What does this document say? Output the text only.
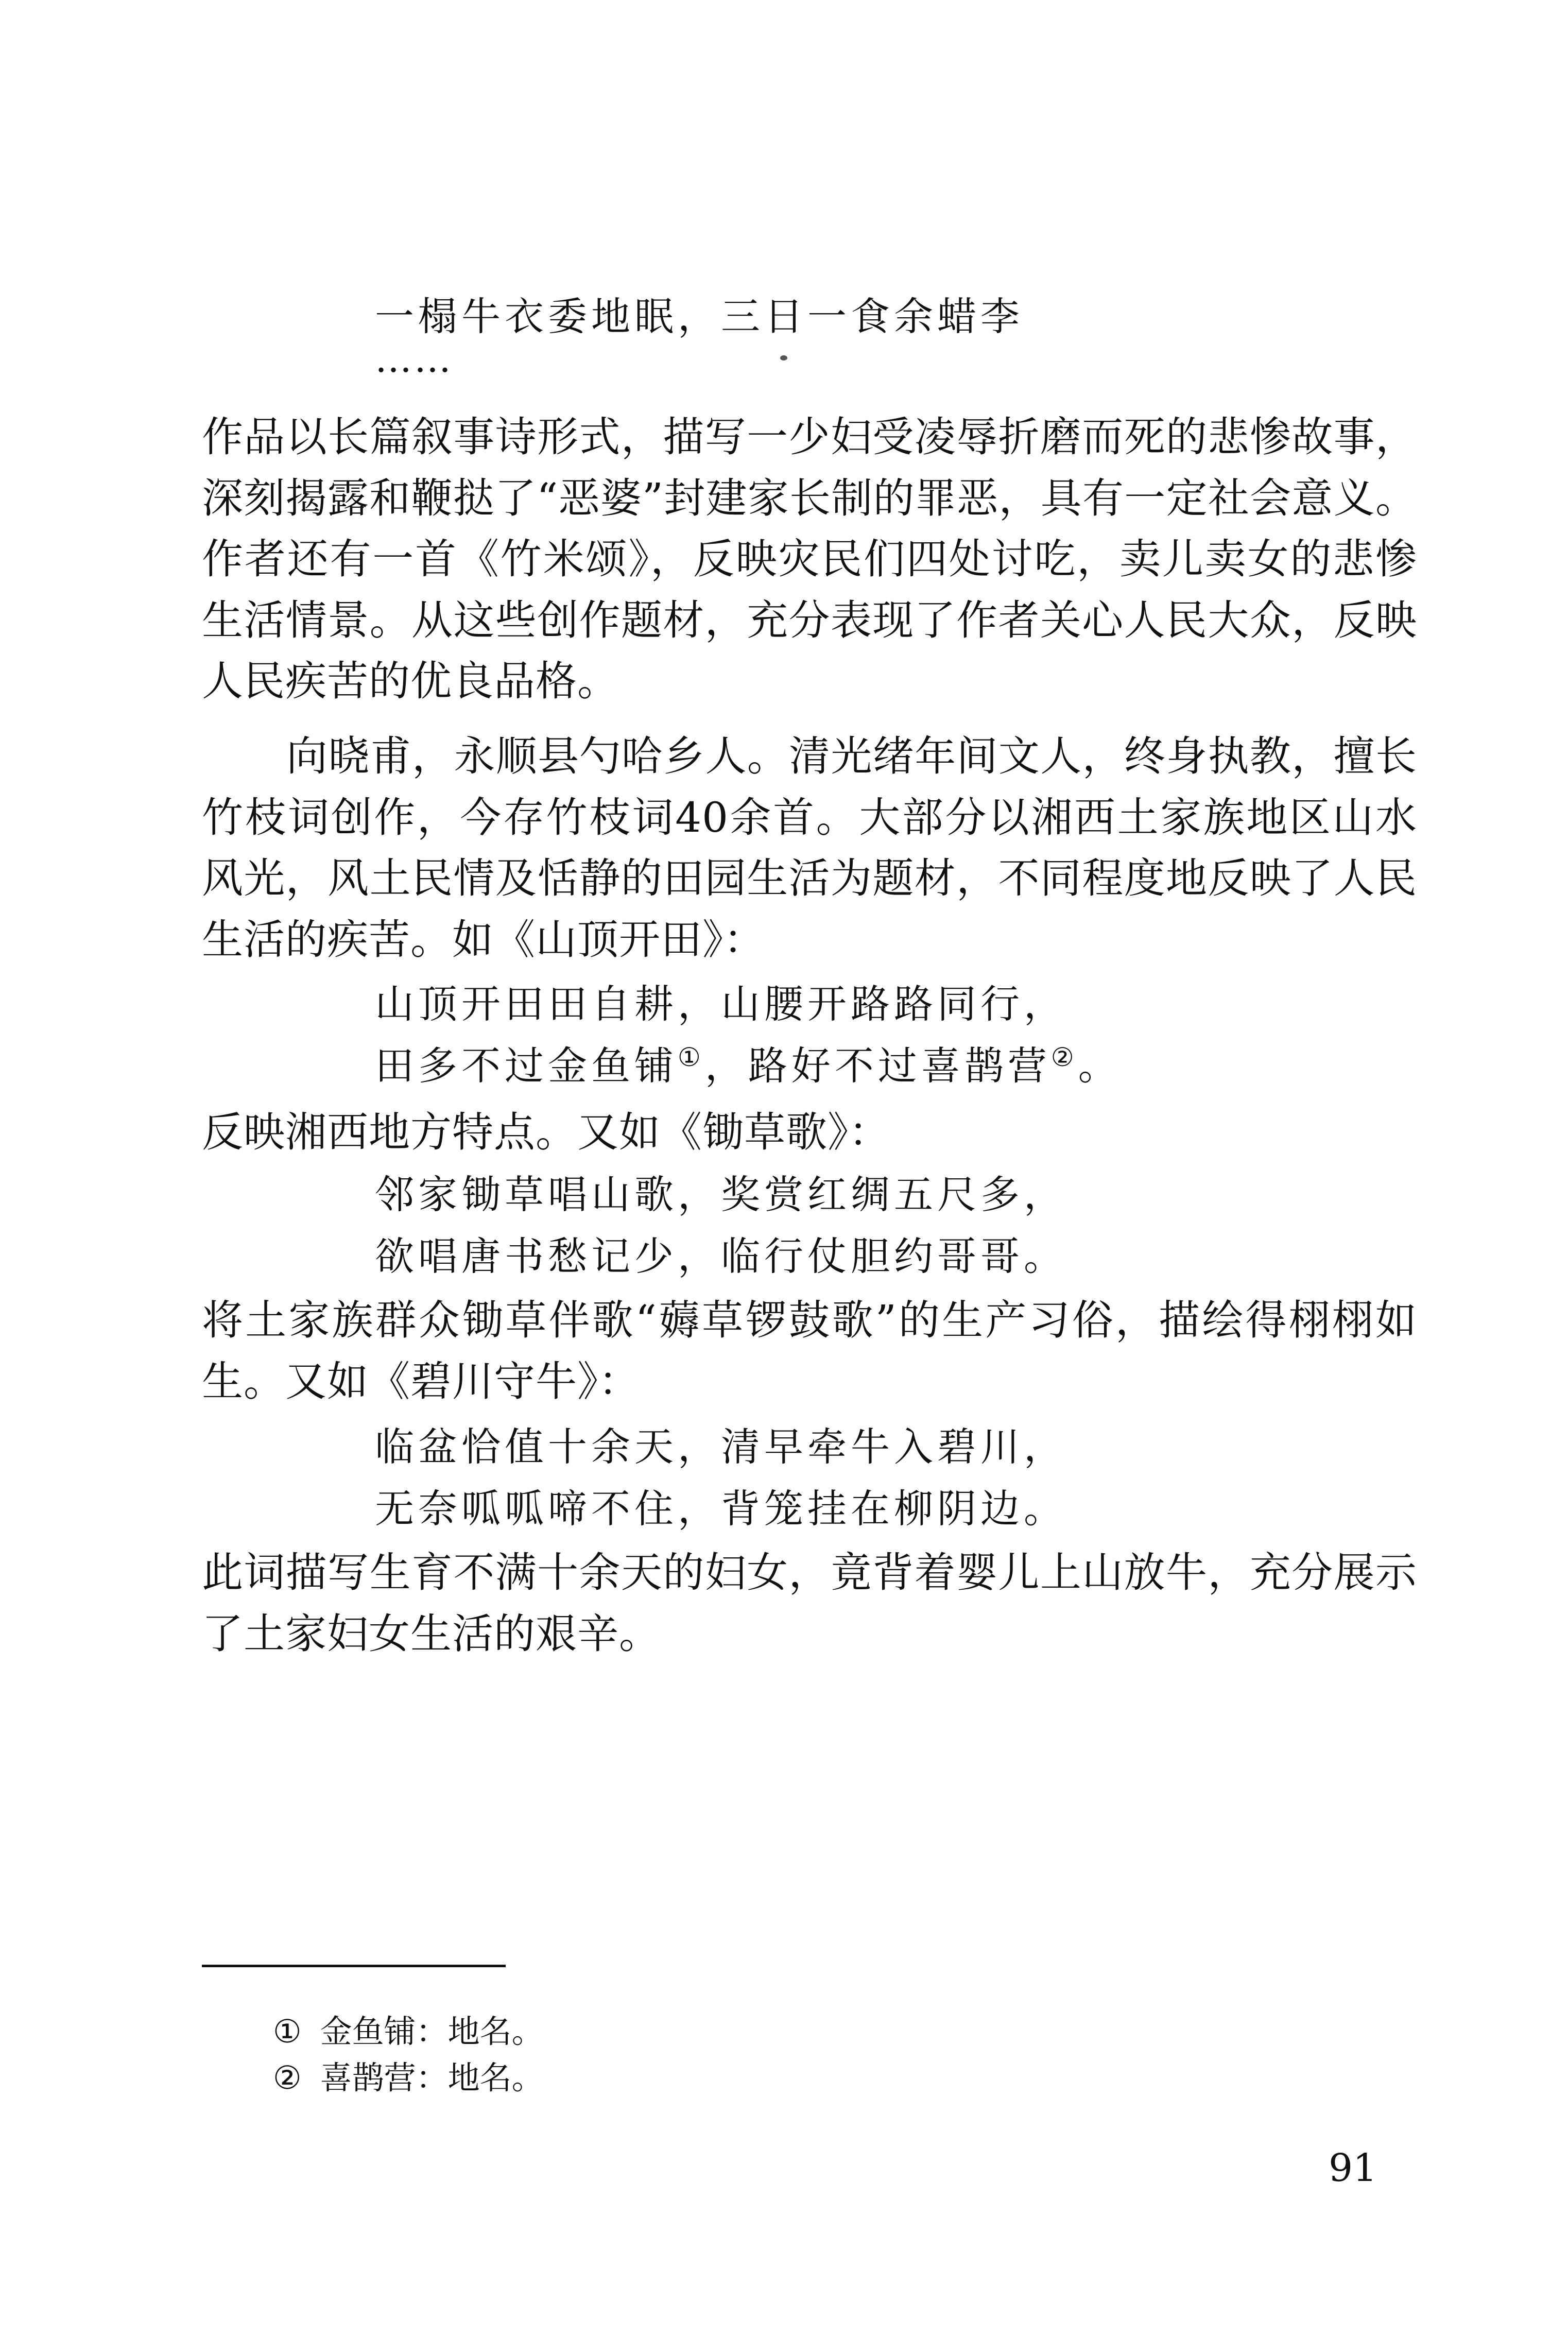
一榻牛衣委地眠，三日一食余蜡李

……

作品以长篇叙事诗形式，描写一少妇受凌辱折磨而死的悲惨故事，深刻揭露和鞭挞了“恶婆”封建家长制的罪恶，具有一定社会意义。作者还有一首《竹米颂》，反映灾民们四处讨吃，卖儿卖女的悲惨生活情景。从这些创作题材，充分表现了作者关心人民大众，反映人民疾苦的优良品格。

向晓甫，永顺县勺哈乡人。清光绪年间文人，终身执教，擅长竹枝词创作，今存竹枝词40余首。大部分以湘西土家族地区山水风光，风土民情及恬静的田园生活为题材，不同程度地反映了人民生活的疾苦。如《山顶开田》：

山顶开田田自耕，山腰开路路同行，

田多不过金鱼铺①，路好不过喜鹊营②。

反映湘西地方特点。又如《锄草歌》：

邻家锄草唱山歌，奖赏红绸五尺多，

欲唱唐书愁记少，临行仗胆约哥哥。

将土家族群众锄草伴歌“薅草锣鼓歌”的生产习俗，描绘得栩栩如生。又如《碧川守牛》：

临盆恰值十余天，清早牵牛入碧川，

无奈呱呱啼不住，背笼挂在柳阴边。

此词描写生育不满十余天的妇女，竟背着婴儿上山放牛，充分展示了土家妇女生活的艰辛。

① 金鱼铺：地名。
② 喜鹊营：地名。
91
